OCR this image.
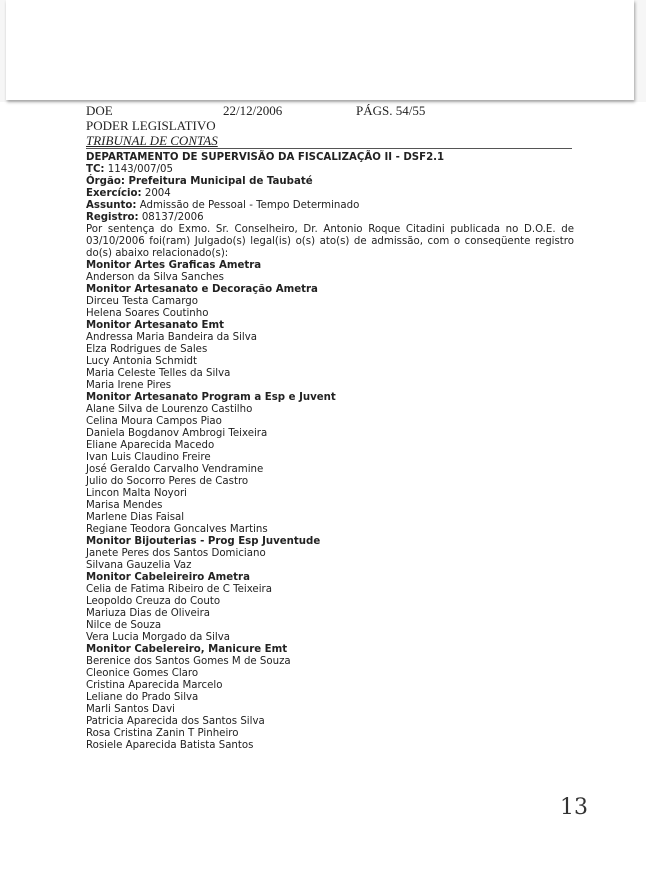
DOE	22/12/2006	PÁGS. 54/55
PODER LEGISLATIVO
TRIBUNAL DE CONTAS
DEPARTAMENTO DE SUPERVISÃO DA FISCALIZAÇÃO II - DSF2.1
TC: 1143/007/05
Órgão: Prefeitura Municipal de Taubaté
Exercício: 2004
Assunto: Admissão de Pessoal - Tempo Determinado
Registro: 08137/2006
Por sentença do Exmo. Sr. Conselheiro, Dr. Antonio Roque Citadini publicada no D.O.E. de 03/10/2006 foi(ram) Julgado(s) legal(is) o(s) ato(s) de admissão, com o conseqüente registro do(s) abaixo relacionado(s):
Monitor Artes Graficas Ametra
Anderson da Silva Sanches
Monitor Artesanato e Decoração Ametra
Dirceu Testa Camargo
Helena Soares Coutinho
Monitor Artesanato Emt
Andressa Maria Bandeira da Silva
Elza Rodrigues de Sales
Lucy Antonia Schmidt
Maria Celeste Telles da Silva
Maria Irene Pires
Monitor Artesanato Program a Esp e Juvent
Alane Silva de Lourenzo Castilho
Celina Moura Campos Piao
Daniela Bogdanov Ambrogi Teixeira
Eliane Aparecida Macedo
Ivan Luis Claudino Freire
José Geraldo Carvalho Vendramine
Julio do Socorro Peres de Castro
Lincon Malta Noyori
Marisa Mendes
Marlene Dias Faisal
Regiane Teodora Goncalves Martins
Monitor Bijouterias - Prog Esp Juventude
Janete Peres dos Santos Domiciano
Silvana Gauzelia Vaz
Monitor Cabeleireiro Ametra
Celia de Fatima Ribeiro de C Teixeira
Leopoldo Creuza do Couto
Mariuza Dias de Oliveira
Nilce de Souza
Vera Lucia Morgado da Silva
Monitor Cabelereiro, Manicure Emt
Berenice dos Santos Gomes M de Souza
Cleonice Gomes Claro
Cristina Aparecida Marcelo
Leliane do Prado Silva
Marli Santos Davi
Patricia Aparecida dos Santos Silva
Rosa Cristina Zanin T Pinheiro
Rosiele Aparecida Batista Santos
13
